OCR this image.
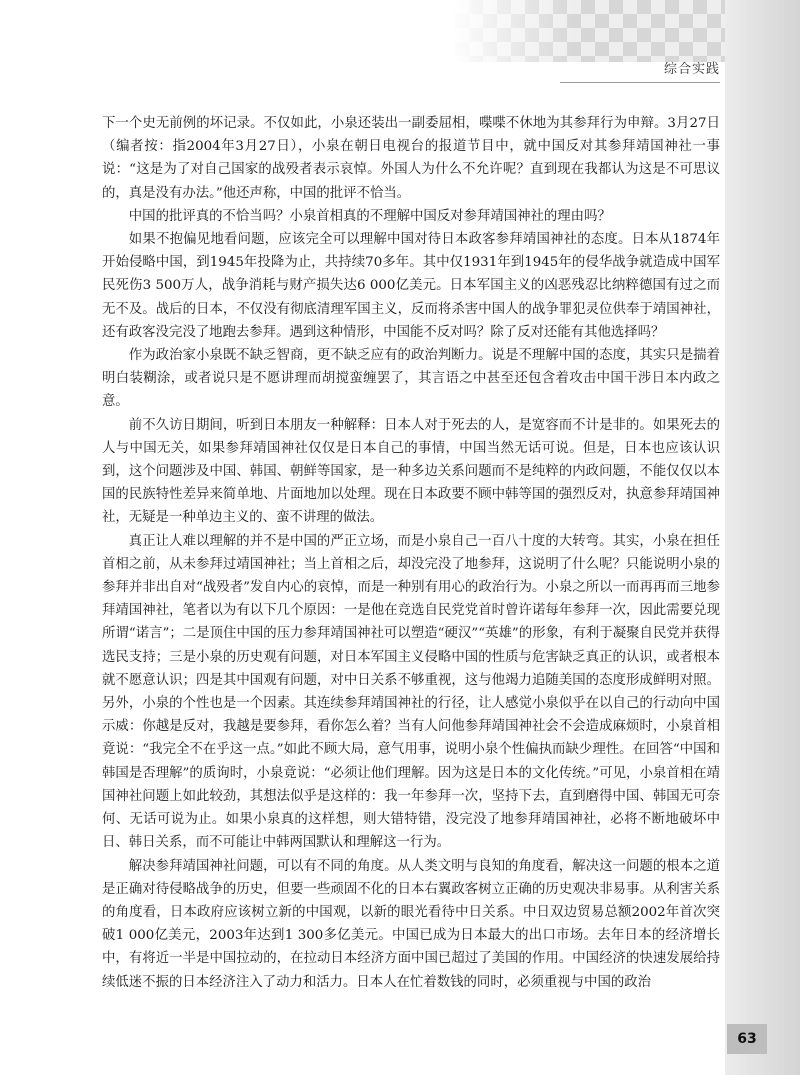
综合实践

下一个史无前例的坏记录。不仅如此，小泉还装出一副委屈相，喋喋不休地为其参拜行为申辩。3月27日（编者按：指2004年3月27日），小泉在朝日电视台的报道节目中，就中国反对其参拜靖国神社一事说：“这是为了对自己国家的战殁者表示哀悼。外国人为什么不允许呢？直到现在我都认为这是不可思议的，真是没有办法。”他还声称，中国的批评不恰当。

中国的批评真的不恰当吗？小泉首相真的不理解中国反对参拜靖国神社的理由吗？

如果不抱偏见地看问题，应该完全可以理解中国对待日本政客参拜靖国神社的态度。日本从1874年开始侵略中国，到1945年投降为止，共持续70多年。其中仅1931年到1945年的侵华战争就造成中国军民死伤3 500万人，战争消耗与财产损失达6 000亿美元。日本军国主义的凶恶残忍比纳粹德国有过之而无不及。战后的日本，不仅没有彻底清理军国主义，反而将杀害中国人的战争罪犯灵位供奉于靖国神社，还有政客没完没了地跑去参拜。遇到这种情形，中国能不反对吗？除了反对还能有其他选择吗？

作为政治家小泉既不缺乏智商，更不缺乏应有的政治判断力。说是不理解中国的态度，其实只是揣着明白装糊涂，或者说只是不愿讲理而胡搅蛮缠罢了，其言语之中甚至还包含着攻击中国干涉日本内政之意。

前不久访日期间，听到日本朋友一种解释：日本人对于死去的人，是宽容而不计是非的。如果死去的人与中国无关，如果参拜靖国神社仅仅是日本自己的事情，中国当然无话可说。但是，日本也应该认识到，这个问题涉及中国、韩国、朝鲜等国家，是一种多边关系问题而不是纯粹的内政问题，不能仅仅以本国的民族特性差异来简单地、片面地加以处理。现在日本政要不顾中韩等国的强烈反对，执意参拜靖国神社，无疑是一种单边主义的、蛮不讲理的做法。

真正让人难以理解的并不是中国的严正立场，而是小泉自己一百八十度的大转弯。其实，小泉在担任首相之前，从未参拜过靖国神社；当上首相之后，却没完没了地参拜，这说明了什么呢？只能说明小泉的参拜并非出自对“战殁者”发自内心的哀悼，而是一种别有用心的政治行为。小泉之所以一而再再而三地参拜靖国神社，笔者以为有以下几个原因：一是他在竞选自民党党首时曾许诺每年参拜一次，因此需要兑现所谓“诺言”；二是顶住中国的压力参拜靖国神社可以塑造“硬汉”“英雄”的形象，有利于凝聚自民党并获得选民支持；三是小泉的历史观有问题，对日本军国主义侵略中国的性质与危害缺乏真正的认识，或者根本就不愿意认识；四是其中国观有问题，对中日关系不够重视，这与他竭力追随美国的态度形成鲜明对照。另外，小泉的个性也是一个因素。其连续参拜靖国神社的行径，让人感觉小泉似乎在以自己的行动向中国示威：你越是反对，我越是要参拜，看你怎么着？当有人问他参拜靖国神社会不会造成麻烦时，小泉首相竟说：“我完全不在乎这一点。”如此不顾大局，意气用事，说明小泉个性偏执而缺少理性。在回答“中国和韩国是否理解”的质询时，小泉竟说：“必须让他们理解。因为这是日本的文化传统。”可见，小泉首相在靖国神社问题上如此较劲，其想法似乎是这样的：我一年参拜一次，坚持下去，直到磨得中国、韩国无可奈何、无话可说为止。如果小泉真的这样想，则大错特错，没完没了地参拜靖国神社，必将不断地破坏中日、韩日关系，而不可能让中韩两国默认和理解这一行为。

解决参拜靖国神社问题，可以有不同的角度。从人类文明与良知的角度看，解决这一问题的根本之道是正确对待侵略战争的历史，但要一些顽固不化的日本右翼政客树立正确的历史观决非易事。从利害关系的角度看，日本政府应该树立新的中国观，以新的眼光看待中日关系。中日双边贸易总额2002年首次突破1 000亿美元，2003年达到1 300多亿美元。中国已成为日本最大的出口市场。去年日本的经济增长中，有将近一半是中国拉动的，在拉动日本经济方面中国已超过了美国的作用。中国经济的快速发展给持续低迷不振的日本经济注入了动力和活力。日本人在忙着数钱的同时，必须重视与中国的政治

63
